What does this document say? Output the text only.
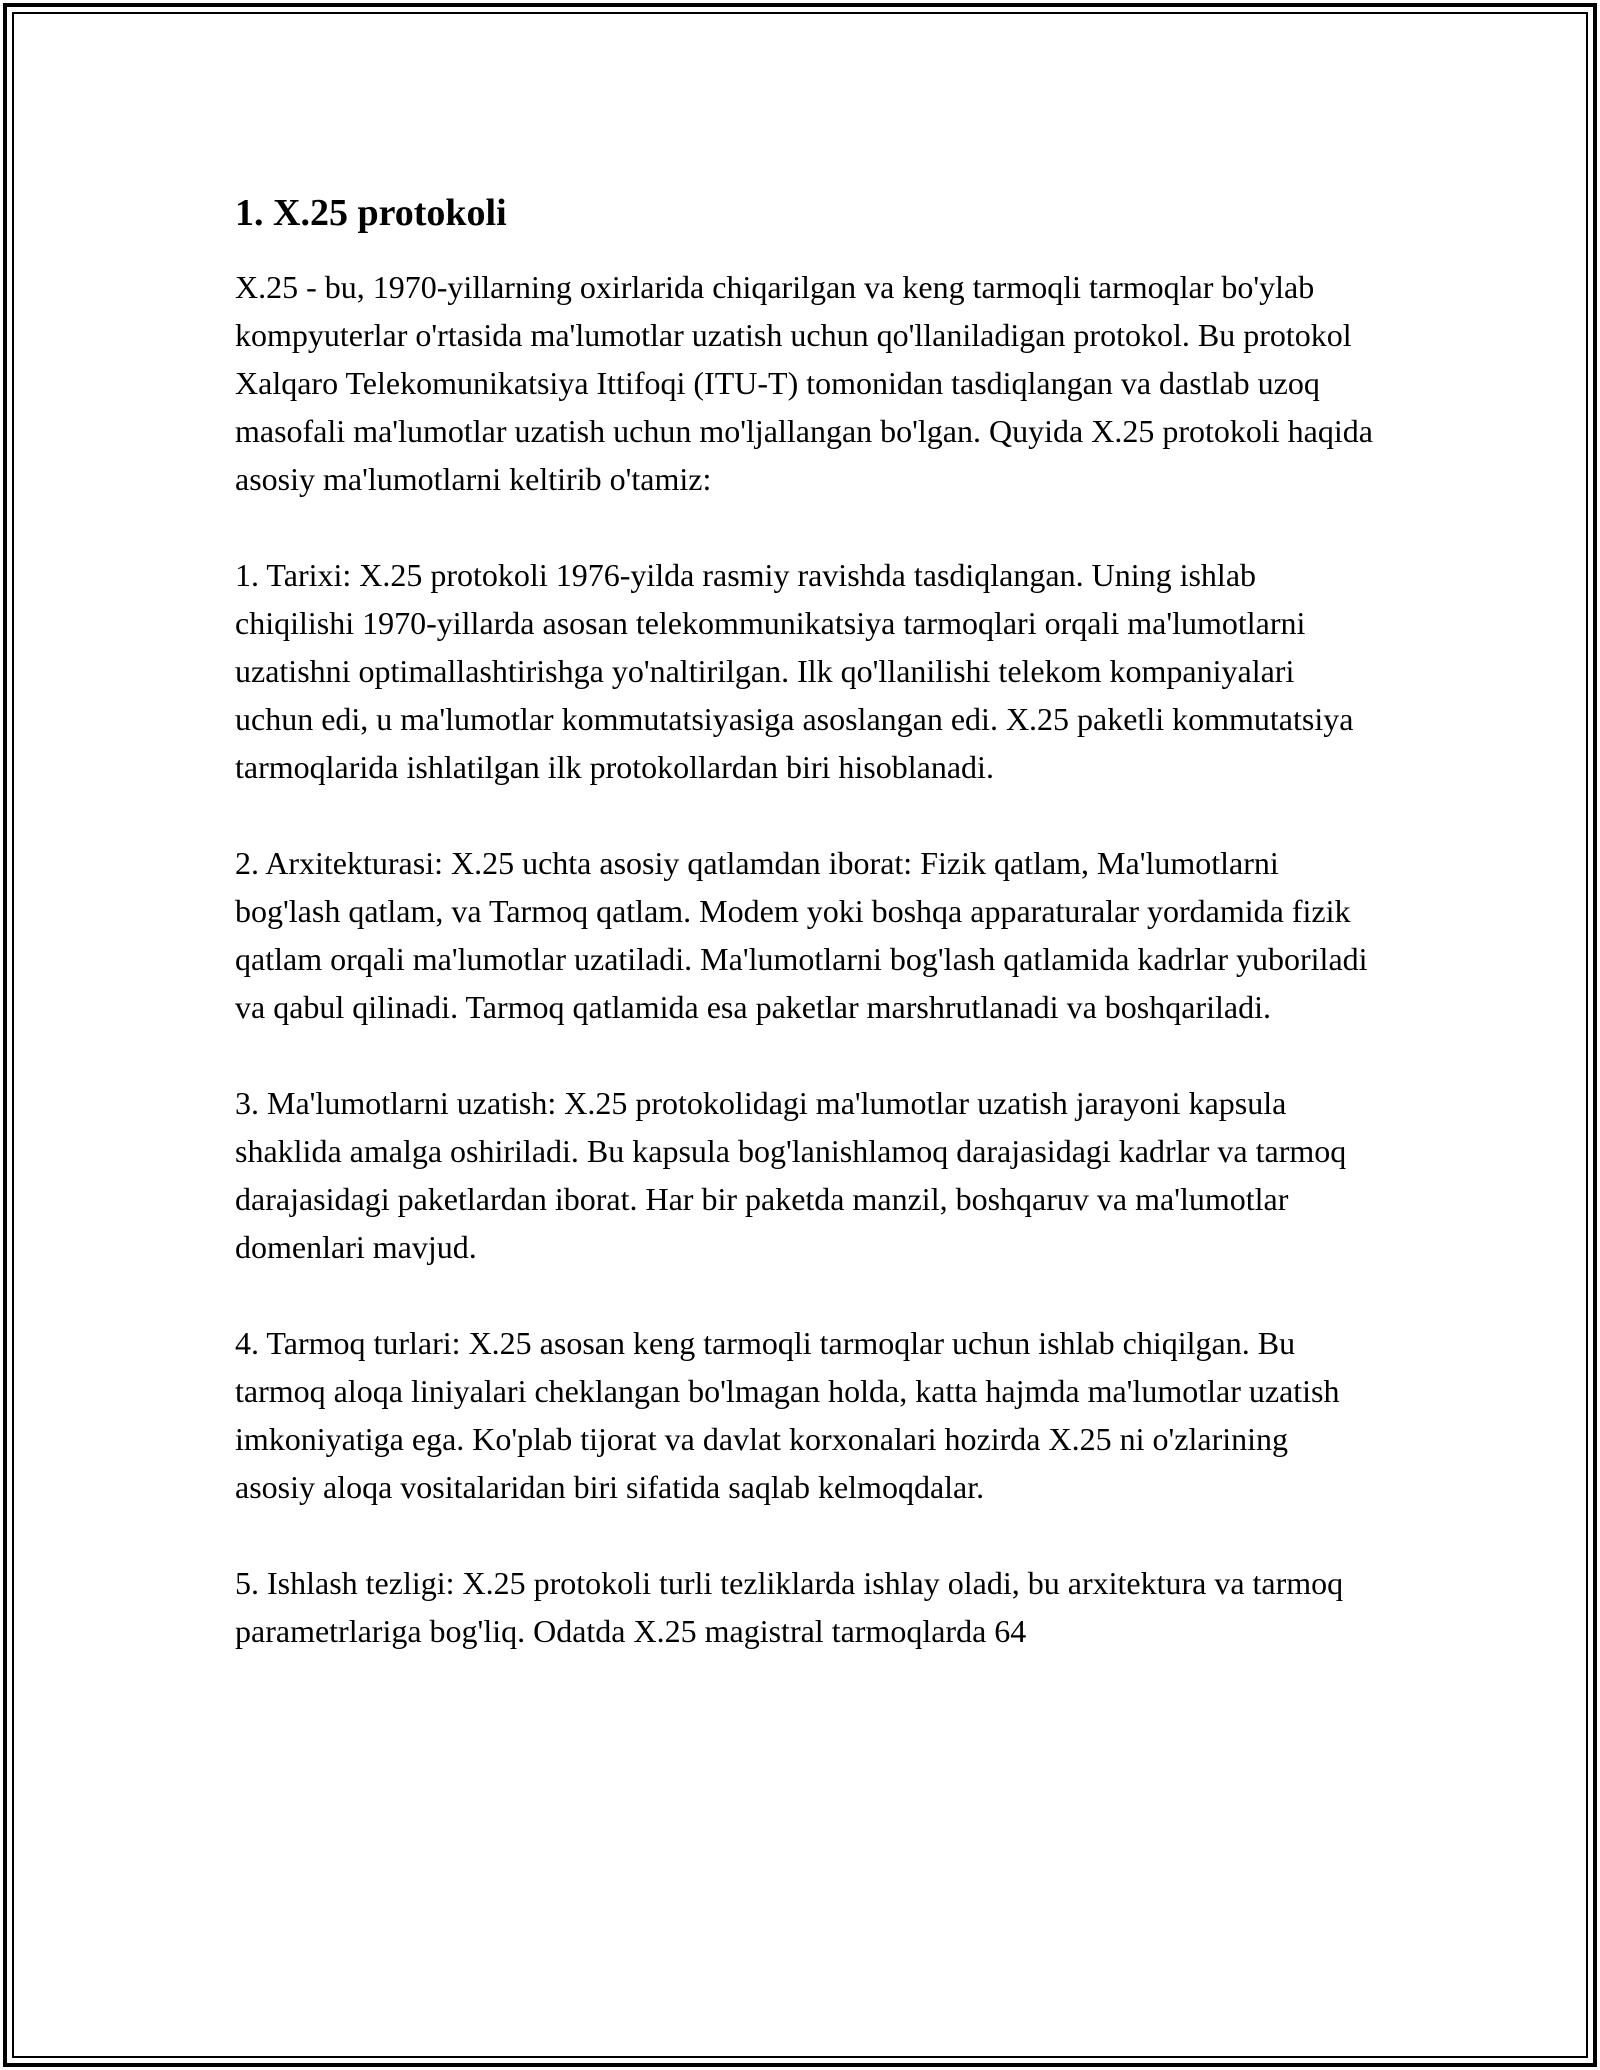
1. X.25 protokoli

X.25 - bu, 1970-yillarning oxirlarida chiqarilgan va keng tarmoqli tarmoqlar bo'ylab kompyuterlar o'rtasida ma'lumotlar uzatish uchun qo'llaniladigan protokol. Bu protokol Xalqaro Telekomunikatsiya Ittifoqi (ITU-T) tomonidan tasdiqlangan va dastlab uzoq masofali ma'lumotlar uzatish uchun mo'ljallangan bo'lgan. Quyida X.25 protokoli haqida asosiy ma'lumotlarni keltirib o'tamiz:

1. Tarixi: X.25 protokoli 1976-yilda rasmiy ravishda tasdiqlangan. Uning ishlab chiqilishi 1970-yillarda asosan telekommunikatsiya tarmoqlari orqali ma'lumotlarni uzatishni optimallashtirishga yo'naltirilgan. Ilk qo'llanilishi telekom kompaniyalari uchun edi, u ma'lumotlar kommutatsiyasiga asoslangan edi. X.25 paketli kommutatsiya tarmoqlarida ishlatilgan ilk protokollardan biri hisoblanadi.

2. Arxitekturasi: X.25 uchta asosiy qatlamdan iborat: Fizik qatlam, Ma'lumotlarni bog'lash qatlam, va Tarmoq qatlam. Modem yoki boshqa apparaturalar yordamida fizik qatlam orqali ma'lumotlar uzatiladi. Ma'lumotlarni bog'lash qatlamida kadrlar yuboriladi va qabul qilinadi. Tarmoq qatlamida esa paketlar marshrutlanadi va boshqariladi.

3. Ma'lumotlarni uzatish: X.25 protokolidagi ma'lumotlar uzatish jarayoni kapsula shaklida amalga oshiriladi. Bu kapsula bog'lanishlamoq darajasidagi kadrlar va tarmoq darajasidagi paketlardan iborat. Har bir paketda manzil, boshqaruv va ma'lumotlar domenlari mavjud.

4. Tarmoq turlari: X.25 asosan keng tarmoqli tarmoqlar uchun ishlab chiqilgan. Bu tarmoq aloqa liniyalari cheklangan bo'lmagan holda, katta hajmda ma'lumotlar uzatish imkoniyatiga ega. Ko'plab tijorat va davlat korxonalari hozirda X.25 ni o'zlarining asosiy aloqa vositalaridan biri sifatida saqlab kelmoqdalar.

5. Ishlash tezligi: X.25 protokoli turli tezliklarda ishlay oladi, bu arxitektura va tarmoq parametrlariga bog'liq. Odatda X.25 magistral tarmoqlarda 64
